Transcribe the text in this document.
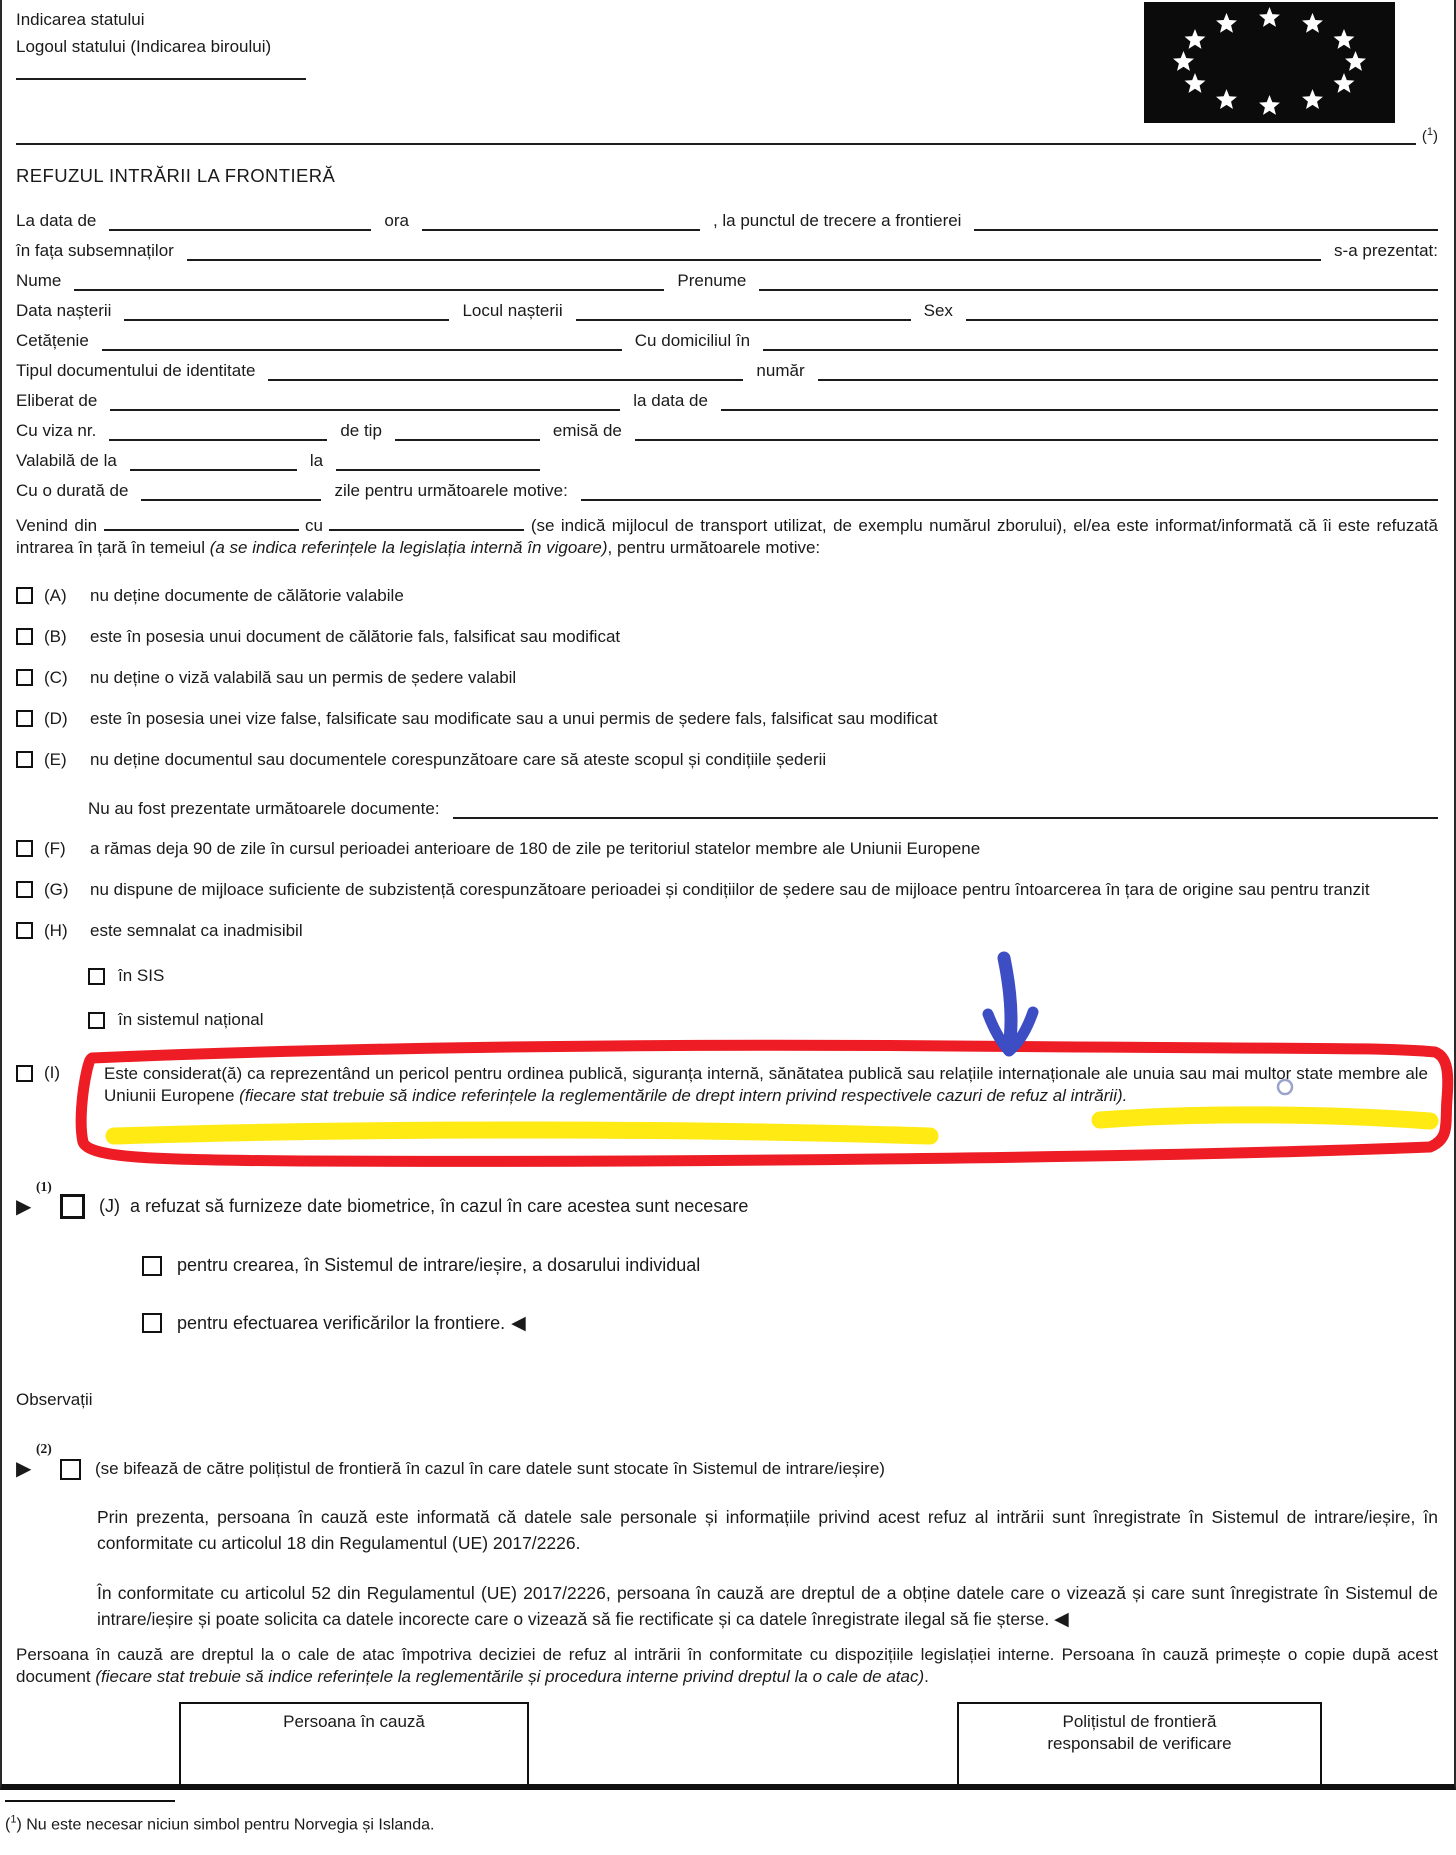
Indicarea statului
Logoul statului (Indicarea biroului)
($^1$)
REFUZUL INTRĂRII LA FRONTIERĂ
La data de	ora	, la punctul de trecere a frontierei
în fața subsemnaților	s-a prezentat:
Nume	Prenume
Data nașterii	Locul nașterii	Sex
Cetățenie	Cu domiciliul în
Tipul documentului de identitate	număr
Eliberat de	la data de
Cu viza nr.	de tip	emisă de
Valabilă de la	la
Cu o durată de	zile pentru următoarele motive:
Venind din	cu	(se indică mijlocul de transport utilizat, de exemplu numărul zborului), el/ea este informat/informată că îi este refuzată intrarea în țară în temeiul (a se indica referințele la legislația internă în vigoare), pentru următoarele motive:
(A)	nu deține documente de călătorie valabile
(B)	este în posesia unui document de călătorie fals, falsificat sau modificat
(C)	nu deține o viză valabilă sau un permis de ședere valabil
(D)	este în posesia unei vize false, falsificate sau modificate sau a unui permis de ședere fals, falsificat sau modificat
(E)	nu deține documentul sau documentele corespunzătoare care să ateste scopul și condițiile șederii
Nu au fost prezentate următoarele documente:
(F)	a rămas deja 90 de zile în cursul perioadei anterioare de 180 de zile pe teritoriul statelor membre ale Uniunii Europene
(G)	nu dispune de mijloace suficiente de subzistență corespunzătoare perioadei și condițiilor de ședere sau de mijloace pentru întoarcerea în țara de origine sau pentru tranzit
(H)	este semnalat ca inadmisibil
în SIS
în sistemul național
(I)	Este considerat(ă) ca reprezentând un pericol pentru ordinea publică, siguranța internă, sănătatea publică sau relațiile internaționale ale unuia sau mai multor state membre ale Uniunii Europene (fiecare stat trebuie să indice referințele la reglementările de drept intern privind respectivele cazuri de refuz al intrării).
(1)
▶	(J) a refuzat să furnizeze date biometrice, în cazul în care acestea sunt necesare
pentru crearea, în Sistemul de intrare/ieșire, a dosarului individual
pentru efectuarea verificărilor la frontiere. ◀
Observații
(2)
▶	(se bifează de către polițistul de frontieră în cazul în care datele sunt stocate în Sistemul de intrare/ieșire)
Prin prezenta, persoana în cauză este informată că datele sale personale și informațiile privind acest refuz al intrării sunt înregistrate în Sistemul de intrare/ieșire, în conformitate cu articolul 18 din Regulamentul (UE) 2017/2226.
În conformitate cu articolul 52 din Regulamentul (UE) 2017/2226, persoana în cauză are dreptul de a obține datele care o vizează și care sunt înregistrate în Sistemul de intrare/ieșire și poate solicita ca datele incorecte care o vizează să fie rectificate și ca datele înregistrate ilegal să fie șterse. ◀
Persoana în cauză are dreptul la o cale de atac împotriva deciziei de refuz al intrării în conformitate cu dispozițiile legislației interne. Persoana în cauză primește o copie după acest document (fiecare stat trebuie să indice referințele la reglementările și procedura interne privind dreptul la o cale de atac).
Persoana în cauză	Polițistul de frontieră
responsabil de verificare
($^1$) Nu este necesar niciun simbol pentru Norvegia și Islanda.
